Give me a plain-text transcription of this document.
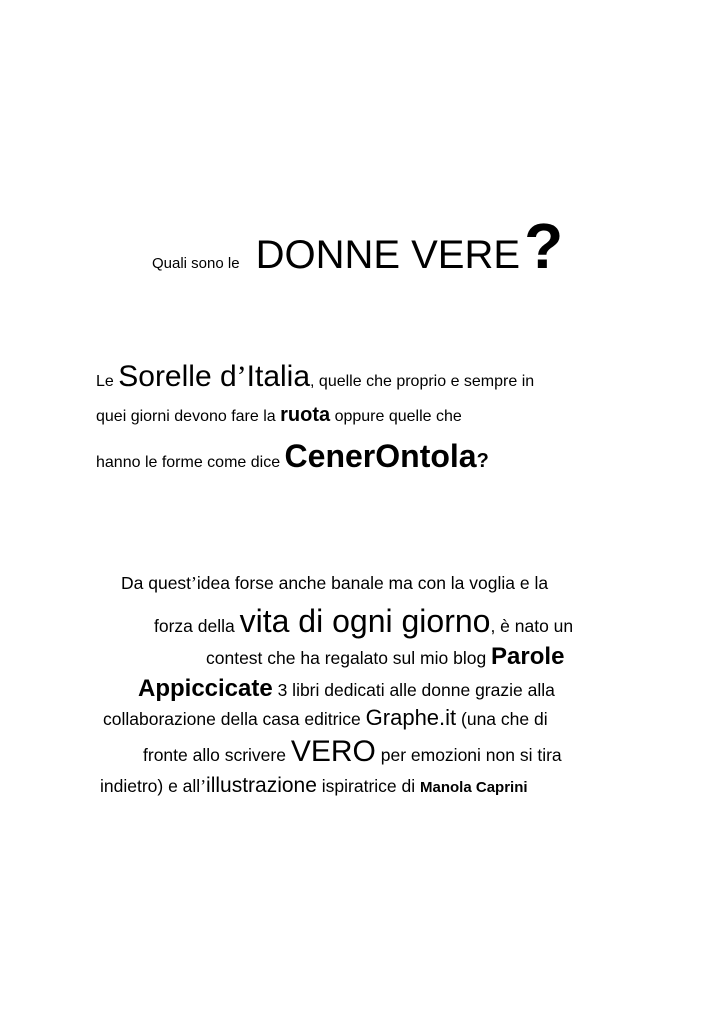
Quali sono le DONNE VERE?
Le Sorelle d’Italia, quelle che proprio e sempre in
quei giorni devono fare la ruota oppure quelle che
hanno le forme come dice CenerOntola?
Da quest’idea forse anche banale ma con la voglia e la
forza della vita di ogni giorno, è nato un
contest che ha regalato sul mio blog Parole
Appiccicate 3 libri dedicati alle donne grazie alla
collaborazione della casa editrice Graphe.it (una che di
fronte allo scrivere VERO per emozioni non si tira
indietro) e all’illustrazione ispiratrice di Manola Caprini
